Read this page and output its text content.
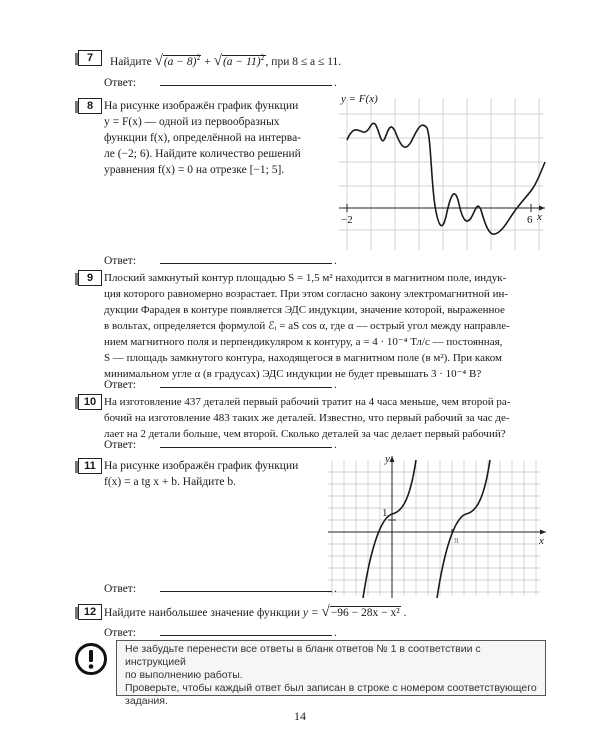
7	Найдите $√(a - 8)^2 + √(a - 11)^2$, при 8 ≤ a ≤ 11.
Ответ:	.
8 На рисунке изображён график функции
y = F(x) — одной из первообразных
функции f(x), определённой на интерва-
ле (−2; 6). Найдите количество решений
уравнения f(x) = 0 на отрезке [−1; 5].
y = F(x)
−2	6 x
Ответ:	.
9 Плоский замкнутый контур площадью S = 1,5 м² находится в магнитном поле, индук-
ция которого равномерно возрастает. При этом согласно закону электромагнитной ин-
дукции Фарадея в контуре появляется ЭДС индукции, значение которой, выраженное
в вольтах, определяется формулой ℰᵢ = aS cos α, где α — острый угол между направле-
нием магнитного поля и перпендикуляром к контуру, a = 4 · 10⁻⁴ Тл/с — постоянная,
S — площадь замкнутого контура, находящегося в магнитном поле (в м²). При каком
минимальном угле α (в градусах) ЭДС индукции не будет превышать 3 · 10⁻⁴ В?
Ответ:	.
10 На изготовление 437 деталей первый рабочий тратит на 4 часа меньше, чем второй ра-
бочий на изготовление 483 таких же деталей. Известно, что первый рабочий за час де-
лает на 2 детали больше, чем второй. Сколько деталей за час делает первый рабочий?
Ответ:	.
11 На рисунке изображён график функции
f(x) = a tg x + b. Найдите b.
y
x
1
π
Ответ:	.
12 Найдите наибольшее значение функции y = √−96 − 28x − x² .
Ответ:	.
Не забудьте перенести все ответы в бланк ответов № 1 в соответствии с инструкцией
по выполнению работы.
Проверьте, чтобы каждый ответ был записан в строке с номером соответствующего
задания.
14
